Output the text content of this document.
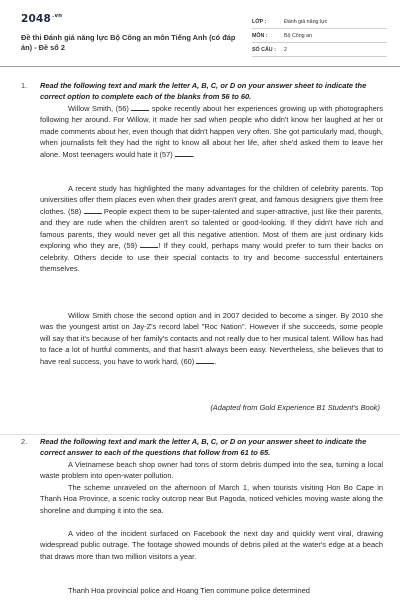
$2048^{.vn}$
Đề thi Đánh giá năng lực Bộ Công an môn Tiếng Anh (có đáp án) - Đề số 2
LỚP :	Đánh giá năng lực
MÔN :	Bộ Công an
SỐ CÂU : 2
1. Read the following text and mark the letter A, B, C, or D on your answer sheet to indicate the correct option to complete each of the blanks from 56 to 60.
Willow Smith, (56)  spoke recently about her experiences growing up with photographers following her around. For Willow, it made her sad when people who didn't know her laughed at her or made comments about her, even though that didn't happen very often. She got particularly mad, though, when journalists felt they had the right to know all about her life, after she'd asked them to leave her alone. Most teenagers would hate it (57) .
A recent study has highlighted the many advantages for the children of celebrity parents. Top universities offer them places even when their grades aren't great, and famous designers give them free clothes. (58)  People expect them to be super-talented and super-attractive, just like their parents, and they are rude when the children aren't so talented or good-looking. If they didn't have rich and famous parents, they would never get all this negative attention. Most of them are just ordinary kids exploring who they are, (59) ! If they could, perhaps many would prefer to turn their backs on celebrity. Others decide to use their special contacts to try and become successful entertainers themselves.
Willow Smith chose the second option and in 2007 decided to become a singer. By 2010 she was the youngest artist on Jay-Z's record label "Roc Nation". However if she succeeds, some people will say that it's because of her family's contacts and not really due to her musical talent. Willow has had to face a lot of hurtful comments, and that hasn't always been easy. Nevertheless, she believes that to have real success, you have to work hard, (60) .
(Adapted from Gold Experience B1 Student's Book)
2. Read the following text and mark the letter A, B, C, or D on your answer sheet to indicate the correct answer to each of the questions that follow from 61 to 65.
A Vietnamese beach shop owner had tons of storm debris dumped into the sea, turning a local waste problem into open-water pollution.
The scheme unraveled on the afternoon of March 1, when tourists visiting Hon Bo Cape in Thanh Hoa Province, a scenic rocky outcrop near But Pagoda, noticed vehicles moving waste along the shoreline and dumping it into the sea.
A video of the incident surfaced on Facebook the next day and quickly went viral, drawing widespread public outrage. The footage showed mounds of debris piled at the water's edge at a beach that draws more than two million visitors a year.
Thanh Hoa provincial police and Hoang Tien commune police determined
